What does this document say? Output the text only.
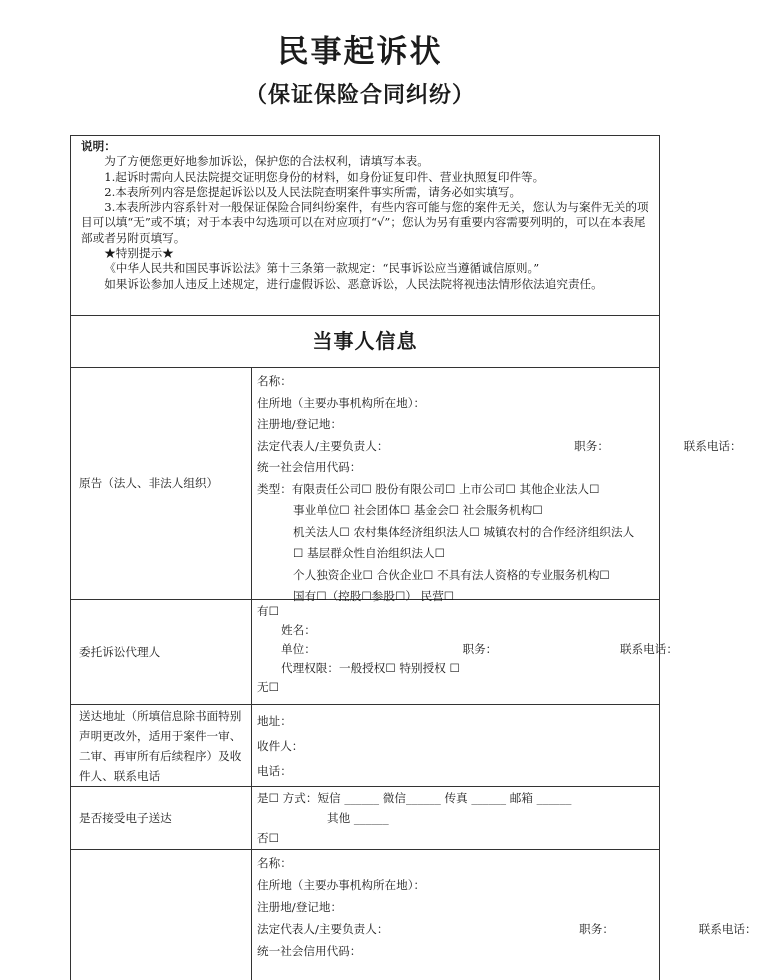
民事起诉状
（保证保险合同纠纷）

说明：

为了方便您更好地参加诉讼，保护您的合法权利，请填写本表。

1.起诉时需向人民法院提交证明您身份的材料，如身份证复印件、营业执照复印件等。

2.本表所列内容是您提起诉讼以及人民法院查明案件事实所需，请务必如实填写。

3.本表所涉内容系针对一般保证保险合同纠纷案件，有些内容可能与您的案件无关，您认为与案件无关的项目可以填“无”或不填；对于本表中勾选项可以在对应项打“√”；您认为另有重要内容需要列明的，可以在本表尾部或者另附页填写。

★特别提示★

《中华人民共和国民事诉讼法》第十三条第一款规定：“民事诉讼应当遵循诚信原则。”

如果诉讼参加人违反上述规定，进行虚假诉讼、恶意诉讼，人民法院将视违法情形依法追究责任。

当事人信息
原告（法人、非法人组织）
名称：
住所地（主要办事机构所在地）：
注册地/登记地：
法定代表人/主要负责人：	职务：	联系电话：
统一社会信用代码：
类型：有限责任公司☐ 股份有限公司☐ 上市公司☐ 其他企业法人☐
事业单位☐ 社会团体☐ 基金会☐ 社会服务机构☐
机关法人☐ 农村集体经济组织法人☐ 城镇农村的合作经济组织法人
☐ 基层群众性自治组织法人☐
个人独资企业☐ 合伙企业☐ 不具有法人资格的专业服务机构☐
国有☐（控股☐参股☐） 民营☐
委托诉讼代理人
有☐
姓名：
单位：	职务：	联系电话：
代理权限：一般授权☐ 特别授权 ☐
无☐
送达地址（所填信息除书面特别声明更改外，适用于案件一审、二审、再审所有后续程序）及收件人、联系电话
地址：
收件人：
电话：
是否接受电子送达
是☐ 方式：短信 ______ 微信______ 传真 ______ 邮箱 ______
其他 ______
否☐
名称：
住所地（主要办事机构所在地）：
注册地/登记地：
法定代表人/主要负责人：	职务：	联系电话：
统一社会信用代码：
